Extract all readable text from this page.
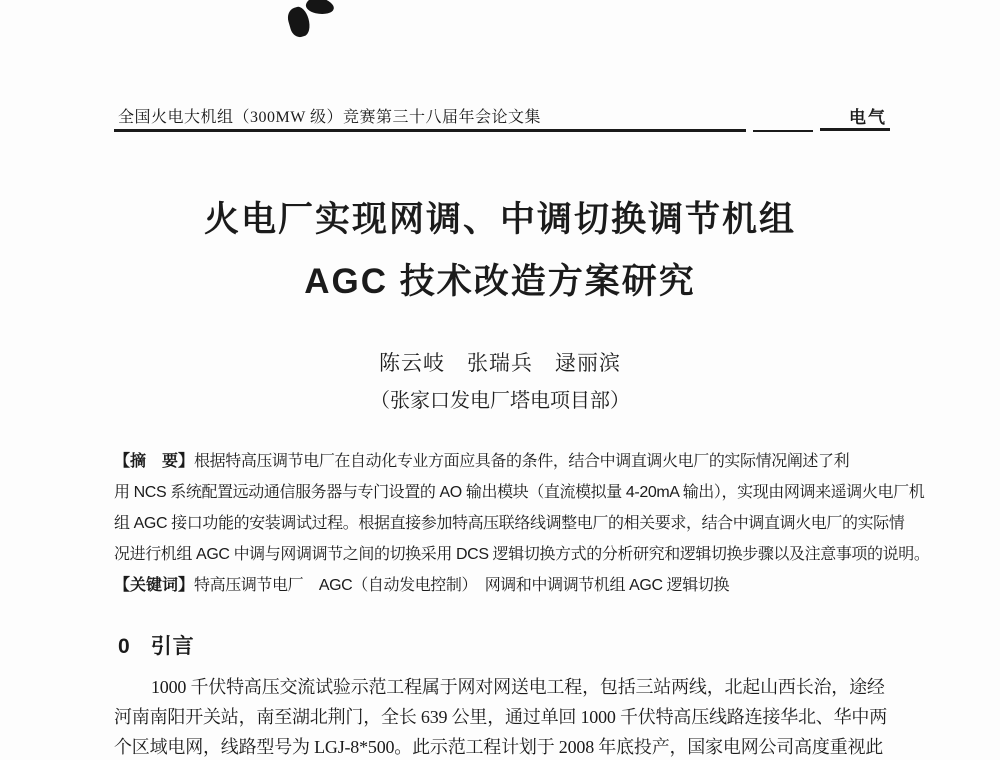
全国火电大机组（300MW 级）竞赛第三十八届年会论文集	电气
火电厂实现网调、中调切换调节机组
AGC 技术改造方案研究
陈云岐　张瑞兵　逯丽滨
（张家口发电厂塔电项目部）
【摘　要】根据特高压调节电厂在自动化专业方面应具备的条件，结合中调直调火电厂的实际情况阐述了利
用 NCS 系统配置远动通信服务器与专门设置的 AO 输出模块（直流模拟量 4-20mA 输出），实现由网调来遥调火电厂机
组 AGC 接口功能的安装调试过程。根据直接参加特高压联络线调整电厂的相关要求，结合中调直调火电厂的实际情
况进行机组 AGC 中调与网调调节之间的切换采用 DCS 逻辑切换方式的分析研究和逻辑切换步骤以及注意事项的说明。
【关键词】特高压调节电厂　AGC（自动发电控制）　网调和中调调节机组 AGC 逻辑切换
0 引言
1000 千伏特高压交流试验示范工程属于网对网送电工程，包括三站两线，北起山西长治，途经
河南南阳开关站，南至湖北荆门，全长 639 公里，通过单回 1000 千伏特高压线路连接华北、华中两
个区域电网，线路型号为 LGJ-8*500。此示范工程计划于 2008 年底投产，国家电网公司高度重视此
